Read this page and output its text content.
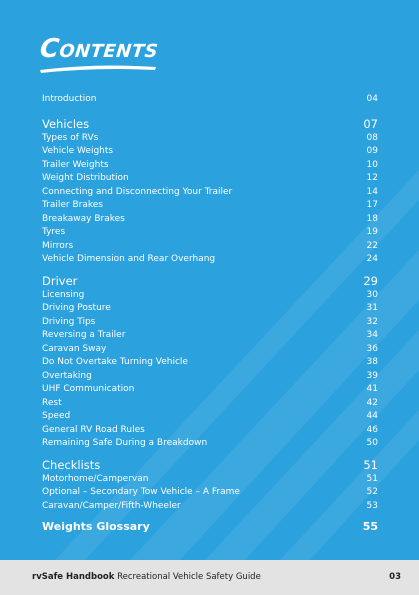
Contents
Introduction	04
Vehicles	07
Types of RVs	08
Vehicle Weights	09
Trailer Weights	10
Weight Distribution	12
Connecting and Disconnecting Your Trailer	14
Trailer Brakes	17
Breakaway Brakes	18
Tyres	19
Mirrors	22
Vehicle Dimension and Rear Overhang	24
Driver	29
Licensing	30
Driving Posture	31
Driving Tips	32
Reversing a Trailer	34
Caravan Sway	36
Do Not Overtake Turning Vehicle	38
Overtaking	39
UHF Communication	41
Rest	42
Speed	44
General RV Road Rules	46
Remaining Safe During a Breakdown	50
Checklists	51
Motorhome/Campervan	51
Optional – Secondary Tow Vehicle – A Frame	52
Caravan/Camper/Fifth-Wheeler	53
Weights Glossary	55
rvSafe Handbook Recreational Vehicle Safety Guide	03
